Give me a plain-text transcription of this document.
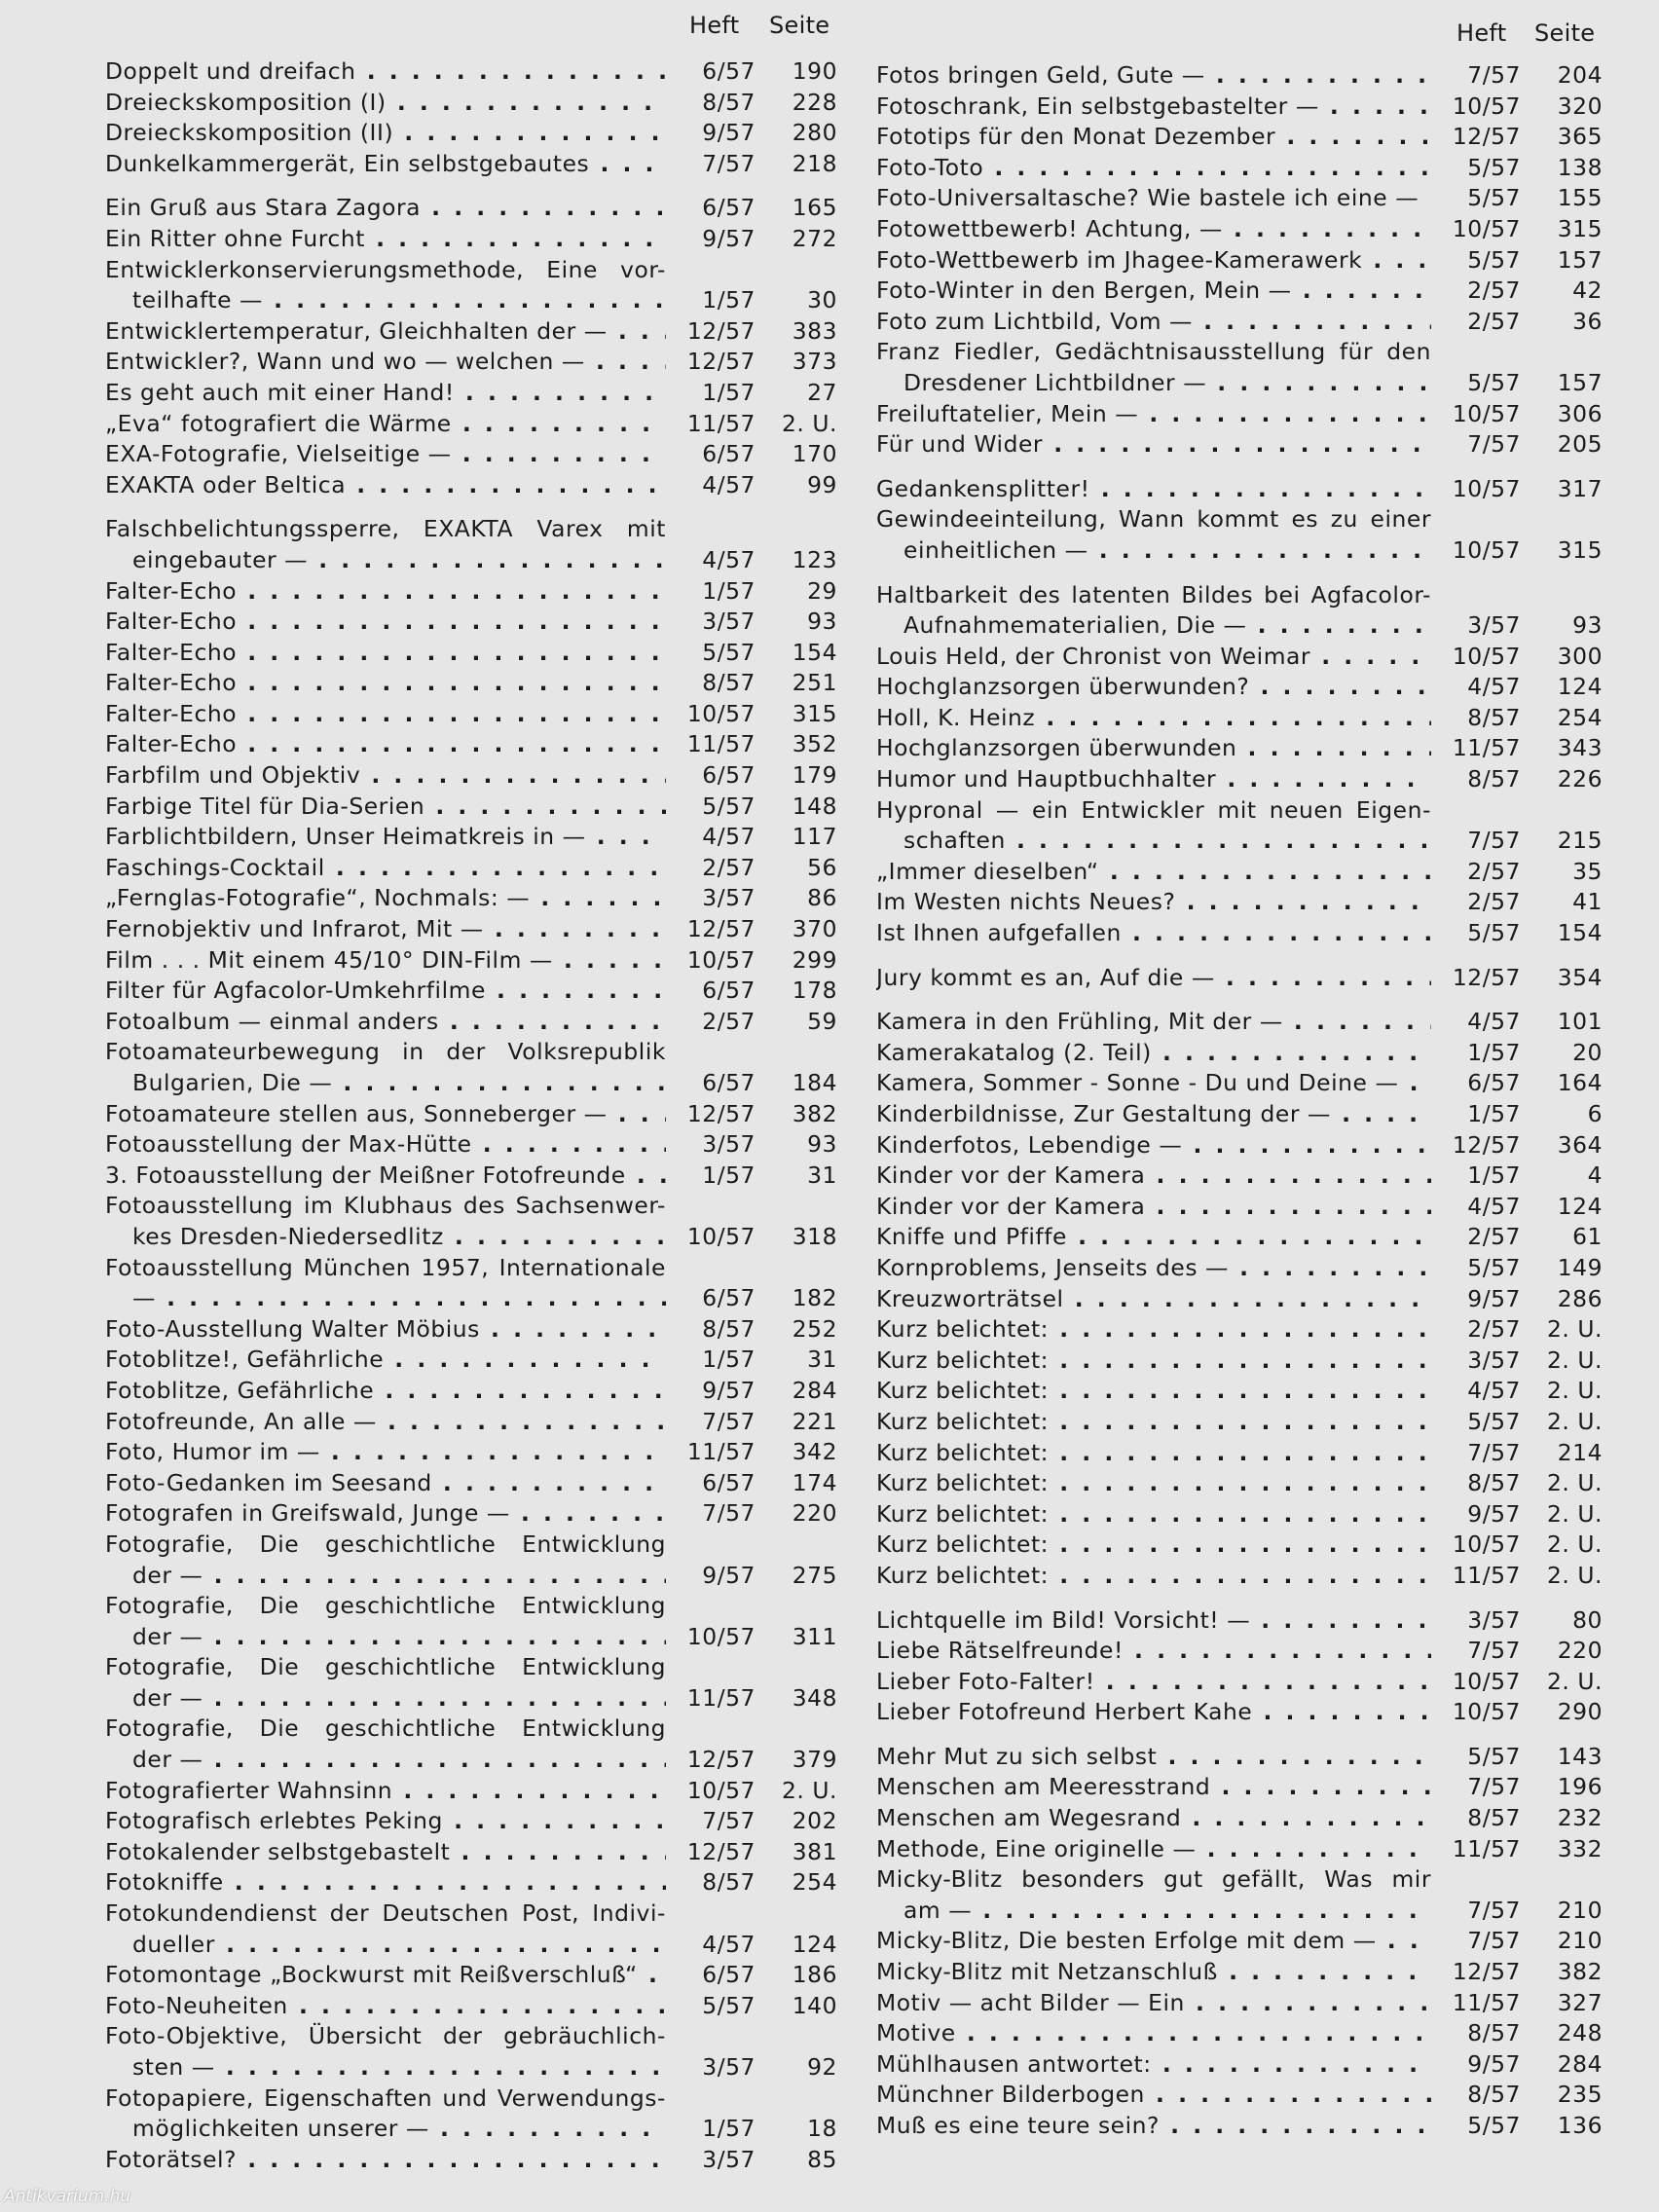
Heft Seite
Doppelt und dreifach . . .	6/57	190
Dreieckskomposition (I) . . .	8/57	228
Dreieckskomposition (II) . . .	9/57	280
Dunkelkammergerät, Ein selbstgebautes . . .	7/57	218
Ein Gruß aus Stara Zagora . . .	6/57	165
Ein Ritter ohne Furcht . . .	9/57	272
Entwicklerkonservierungsmethode, Eine vor-
teilhafte — . . .	1/57	30
Entwicklertemperatur, Gleichhalten der — . . .	12/57	383
Entwickler?, Wann und wo — welchen — . . .	12/57	373
Es geht auch mit einer Hand! . . .	1/57	27
„Eva“ fotografiert die Wärme . . .	11/57	2. U.
EXA-Fotografie, Vielseitige — . . .	6/57	170
EXAKTA oder Beltica . . .	4/57	99
Falschbelichtungssperre, EXAKTA Varex mit
eingebauter — . . .	4/57	123
Falter-Echo . . .	1/57	29
Falter-Echo . . .	3/57	93
Falter-Echo . . .	5/57	154
Falter-Echo . . .	8/57	251
Falter-Echo . . .	10/57	315
Falter-Echo . . .	11/57	352
Farbfilm und Objektiv . . .	6/57	179
Farbige Titel für Dia-Serien . . .	5/57	148
Farblichtbildern, Unser Heimatkreis in — . . .	4/57	117
Faschings-Cocktail . . .	2/57	56
„Fernglas-Fotografie“, Nochmals: — . . .	3/57	86
Fernobjektiv und Infrarot, Mit — . . .	12/57	370
Film . . . Mit einem 45/10° DIN-Film — . . .	10/57	299
Filter für Agfacolor-Umkehrfilme . . .	6/57	178
Fotoalbum — einmal anders . . .	2/57	59
Fotoamateurbewegung in der Volksrepublik
Bulgarien, Die — . . .	6/57	184
Fotoamateure stellen aus, Sonneberger — . . .	12/57	382
Fotoausstellung der Max-Hütte . . .	3/57	93
3. Fotoausstellung der Meißner Fotofreunde . . .	1/57	31
Fotoausstellung im Klubhaus des Sachsenwer-
kes Dresden-Niedersedlitz . . .	10/57	318
Fotoausstellung München 1957, Internationale
— . . .	6/57	182
Foto-Ausstellung Walter Möbius . . .	8/57	252
Fotoblitze!, Gefährliche . . .	1/57	31
Fotoblitze, Gefährliche . . .	9/57	284
Fotofreunde, An alle — . . .	7/57	221
Foto, Humor im — . . .	11/57	342
Foto-Gedanken im Seesand . . .	6/57	174
Fotografen in Greifswald, Junge — . . .	7/57	220
Fotografie, Die geschichtliche Entwicklung
der — . . .	9/57	275
Fotografie, Die geschichtliche Entwicklung
der — . . .	10/57	311
Fotografie, Die geschichtliche Entwicklung
der — . . .	11/57	348
Fotografie, Die geschichtliche Entwicklung
der — . . .	12/57	379
Fotografierter Wahnsinn . . .	10/57	2. U.
Fotografisch erlebtes Peking . . .	7/57	202
Fotokalender selbstgebastelt . . .	12/57	381
Fotokniffe . . .	8/57	254
Fotokundendienst der Deutschen Post, Indivi-
dueller . . .	4/57	124
Fotomontage „Bockwurst mit Reißverschluß“ . . .	6/57	186
Foto-Neuheiten . . .	5/57	140
Foto-Objektive, Übersicht der gebräuchlich-
sten — . . .	3/57	92
Fotopapiere, Eigenschaften und Verwendungs-
möglichkeiten unserer — . . .	1/57	18
Fotorätsel? . . .	3/57	85
Heft Seite
Fotos bringen Geld, Gute — . . .	7/57	204
Fotoschrank, Ein selbstgebastelter — . . .	10/57	320
Fototips für den Monat Dezember . . .	12/57	365
Foto-Toto . . .	5/57	138
Foto-Universaltasche? Wie bastele ich eine — . . .	5/57	155
Fotowettbewerb! Achtung, — . . .	10/57	315
Foto-Wettbewerb im Jhagee-Kamerawerk . . .	5/57	157
Foto-Winter in den Bergen, Mein — . . .	2/57	42
Foto zum Lichtbild, Vom — . . .	2/57	36
Franz Fiedler, Gedächtnisausstellung für den
Dresdener Lichtbildner — . . .	5/57	157
Freiluftatelier, Mein — . . .	10/57	306
Für und Wider . . .	7/57	205
Gedankensplitter! . . .	10/57	317
Gewindeeinteilung, Wann kommt es zu einer
einheitlichen — . . .	10/57	315
Haltbarkeit des latenten Bildes bei Agfacolor-
Aufnahmematerialien, Die — . . .	3/57	93
Louis Held, der Chronist von Weimar . . .	10/57	300
Hochglanzsorgen überwunden? . . .	4/57	124
Holl, K. Heinz . . .	8/57	254
Hochglanzsorgen überwunden . . .	11/57	343
Humor und Hauptbuchhalter . . .	8/57	226
Hypronal — ein Entwickler mit neuen Eigen-
schaften . . .	7/57	215
„Immer dieselben“ . . .	2/57	35
Im Westen nichts Neues? . . .	2/57	41
Ist Ihnen aufgefallen . . .	5/57	154
Jury kommt es an, Auf die — . . .	12/57	354
Kamera in den Frühling, Mit der — . . .	4/57	101
Kamerakatalog (2. Teil) . . .	1/57	20
Kamera, Sommer - Sonne - Du und Deine — . . .	6/57	164
Kinderbildnisse, Zur Gestaltung der — . . .	1/57	6
Kinderfotos, Lebendige — . . .	12/57	364
Kinder vor der Kamera . . .	1/57	4
Kinder vor der Kamera . . .	4/57	124
Kniffe und Pfiffe . . .	2/57	61
Kornproblems, Jenseits des — . . .	5/57	149
Kreuzworträtsel . . .	9/57	286
Kurz belichtet: . . .	2/57	2. U.
Kurz belichtet: . . .	3/57	2. U.
Kurz belichtet: . . .	4/57	2. U.
Kurz belichtet: . . .	5/57	2. U.
Kurz belichtet: . . .	7/57	214
Kurz belichtet: . . .	8/57	2. U.
Kurz belichtet: . . .	9/57	2. U.
Kurz belichtet: . . .	10/57	2. U.
Kurz belichtet: . . .	11/57	2. U.
Lichtquelle im Bild! Vorsicht! — . . .	3/57	80
Liebe Rätselfreunde! . . .	7/57	220
Lieber Foto-Falter! . . .	10/57	2. U.
Lieber Fotofreund Herbert Kahe . . .	10/57	290
Mehr Mut zu sich selbst . . .	5/57	143
Menschen am Meeresstrand . . .	7/57	196
Menschen am Wegesrand . . .	8/57	232
Methode, Eine originelle — . . .	11/57	332
Micky-Blitz besonders gut gefällt, Was mir
am — . . .	7/57	210
Micky-Blitz, Die besten Erfolge mit dem — . . .	7/57	210
Micky-Blitz mit Netzanschluß . . .	12/57	382
Motiv — acht Bilder — Ein . . .	11/57	327
Motive . . .	8/57	248
Mühlhausen antwortet: . . .	9/57	284
Münchner Bilderbogen . . .	8/57	235
Muß es eine teure sein? . . .	5/57	136
Antikvarium.hu
